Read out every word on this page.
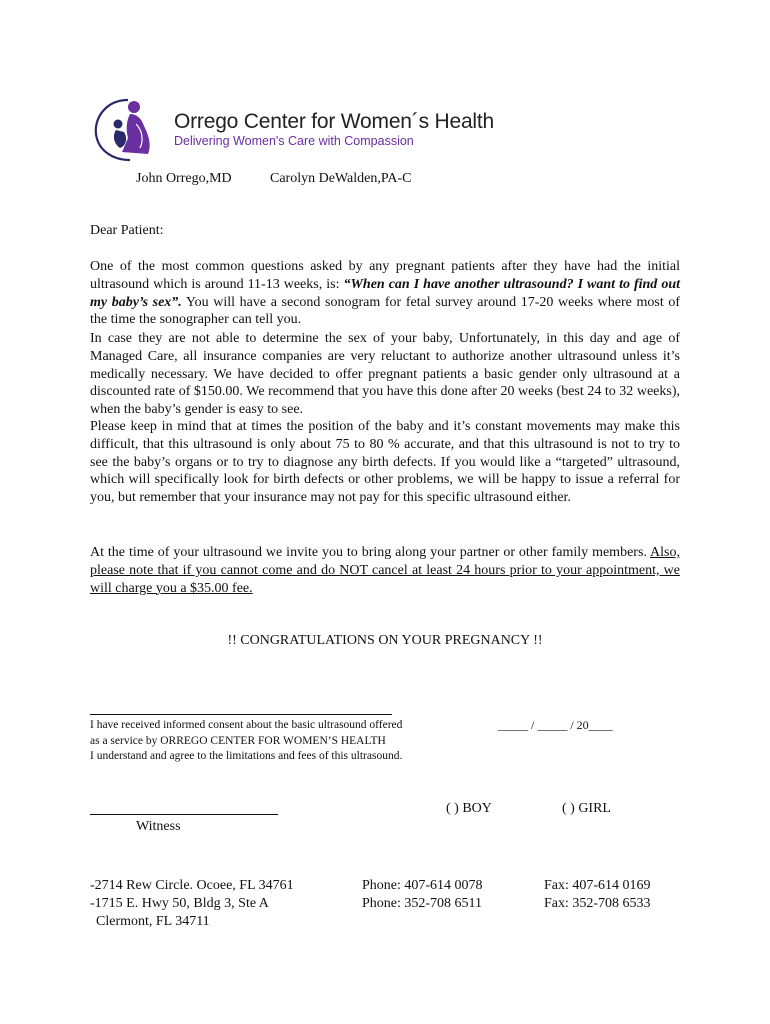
Orrego Center for Women´s Health
Delivering Women's Care with Compassion
John Orrego,MD	Carolyn DeWalden,PA-C
Dear Patient:
One of the most common questions asked by any pregnant patients after they have had the initial ultrasound which is around 11-13 weeks, is: “When can I have another ultrasound? I want to find out my baby’s sex”. You will have a second sonogram for fetal survey around 17-20 weeks where most of the time the sonographer can tell you.
In case they are not able to determine the sex of your baby, Unfortunately, in this day and age of Managed Care, all insurance companies are very reluctant to authorize another ultrasound unless it’s medically necessary. We have decided to offer pregnant patients a basic gender only ultrasound at a discounted rate of $150.00. We recommend that you have this done after 20 weeks (best 24 to 32 weeks), when the baby’s gender is easy to see.
Please keep in mind that at times the position of the baby and it’s constant movements may make this difficult, that this ultrasound is only about 75 to 80 % accurate, and that this ultrasound is not to try to see the baby’s organs or to try to diagnose any birth defects. If you would like a “targeted” ultrasound, which will specifically look for birth defects or other problems, we will be happy to issue a referral for you, but remember that your insurance may not pay for this specific ultrasound either.
At the time of your ultrasound we invite you to bring along your partner or other family members. Also, please note that if you cannot come and do NOT cancel at least 24 hours prior to your appointment, we will charge you a $35.00 fee.
!! CONGRATULATIONS ON YOUR PREGNANCY !!
I have received informed consent about the basic ultrasound offered
as a service by ORREGO CENTER FOR WOMEN’S HEALTH
I understand and agree to the limitations and fees of this ultrasound.
_____ / _____ / 20____
Witness
( ) BOY	( ) GIRL
-2714 Rew Circle. Ocoee, FL 34761
-1715 E. Hwy 50, Bldg 3, Ste A
Clermont, FL 34711
Phone: 407-614 0078
Phone: 352-708 6511
Fax: 407-614 0169
Fax: 352-708 6533
